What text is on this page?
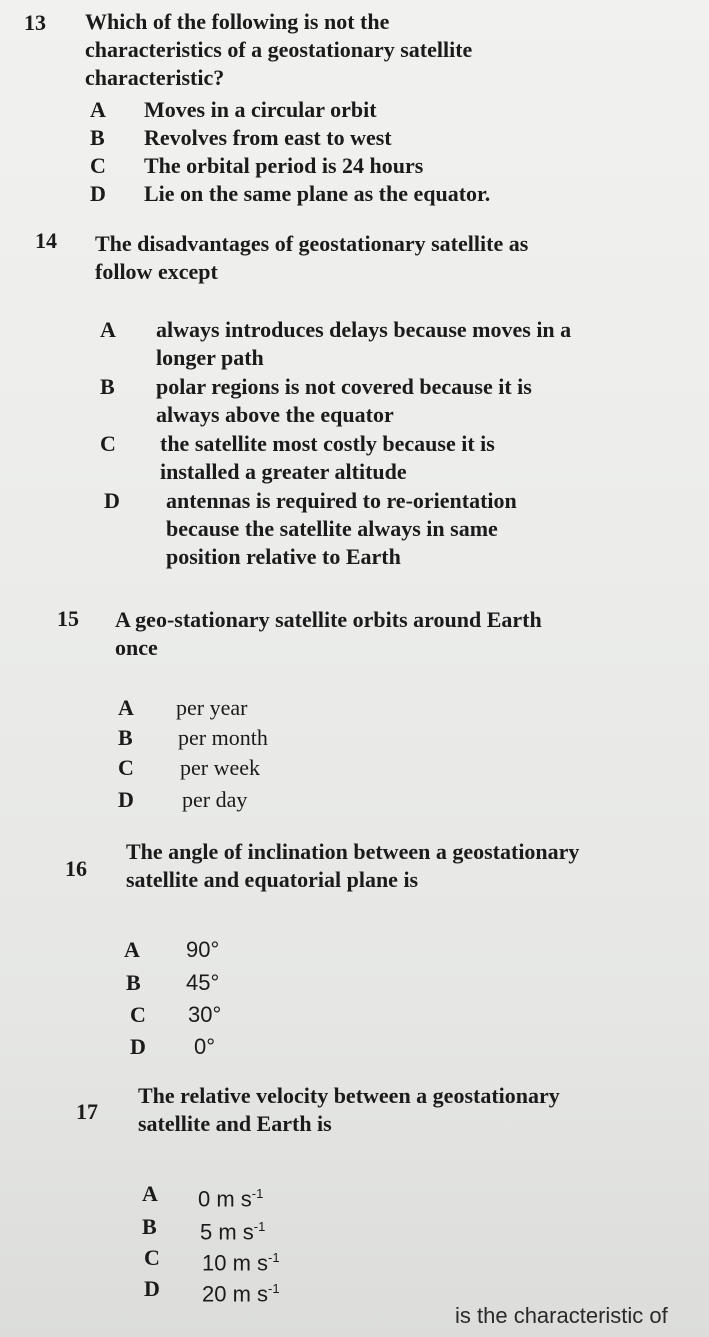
13 Which of the following is not the characteristics of a geostationary satellite characteristic?
A Moves in a circular orbit
B Revolves from east to west
C The orbital period is 24 hours
D Lie on the same plane as the equator.
14 The disadvantages of geostationary satellite as follow except
A always introduces delays because moves in a longer path
B polar regions is not covered because it is always above the equator
C the satellite most costly because it is installed a greater altitude
D antennas is required to re-orientation because the satellite always in same position relative to Earth
15 A geo-stationary satellite orbits around Earth once
A per year
B per month
C per week
D per day
16
The angle of inclination between a geostationary satellite and equatorial plane is
A 90°
B 45°
C 30°
D 0°
17
The relative velocity between a geostationary satellite and Earth is
A 0 m $s^{-1}$
B 5 m $s^{-1}$
C 10 m $s^{-1}$
D 20 m $s^{-1}$
is the characteristic of
